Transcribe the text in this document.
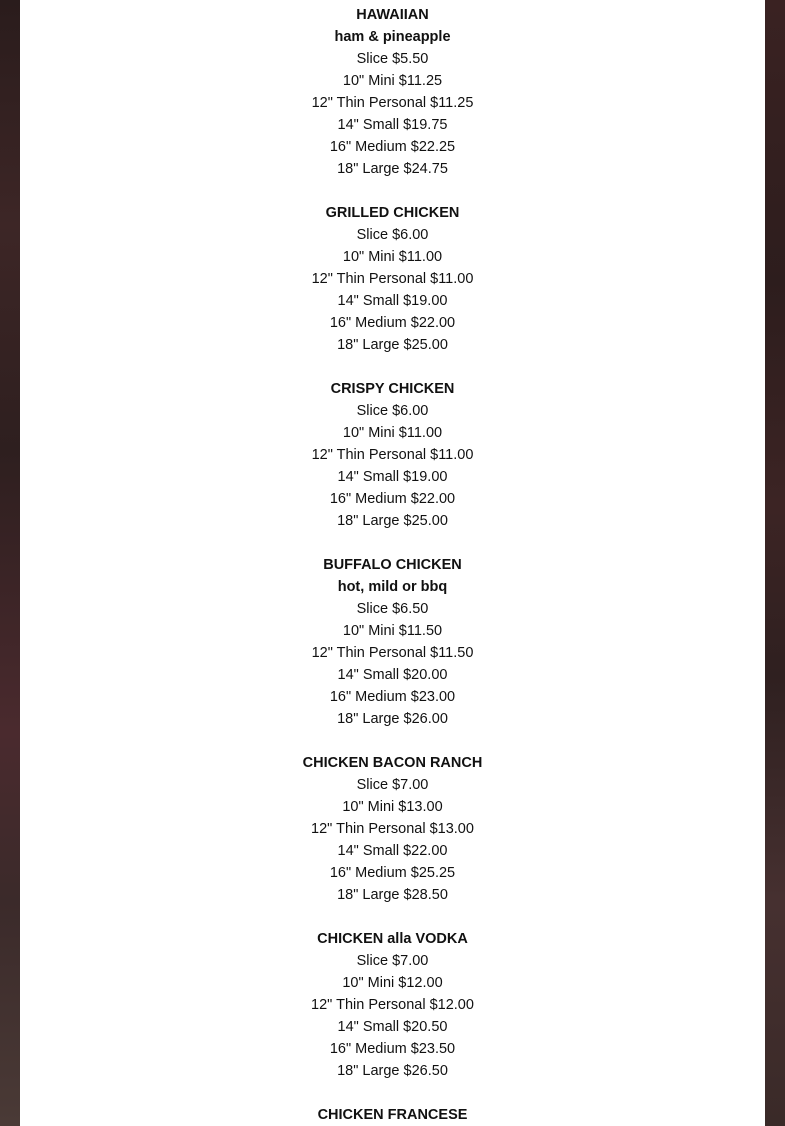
HAWAIIAN
ham & pineapple
Slice $5.50
10" Mini $11.25
12" Thin Personal $11.25
14" Small $19.75
16" Medium $22.25
18" Large $24.75
GRILLED CHICKEN
Slice $6.00
10" Mini $11.00
12" Thin Personal $11.00
14" Small $19.00
16" Medium $22.00
18" Large $25.00
CRISPY CHICKEN
Slice $6.00
10" Mini $11.00
12" Thin Personal $11.00
14" Small $19.00
16" Medium $22.00
18" Large $25.00
BUFFALO CHICKEN
hot, mild or bbq
Slice $6.50
10" Mini $11.50
12" Thin Personal $11.50
14" Small $20.00
16" Medium $23.00
18" Large $26.00
CHICKEN BACON RANCH
Slice $7.00
10" Mini $13.00
12" Thin Personal $13.00
14" Small $22.00
16" Medium $25.25
18" Large $28.50
CHICKEN alla VODKA
Slice $7.00
10" Mini $12.00
12" Thin Personal $12.00
14" Small $20.50
16" Medium $23.50
18" Large $26.50
CHICKEN FRANCESE
